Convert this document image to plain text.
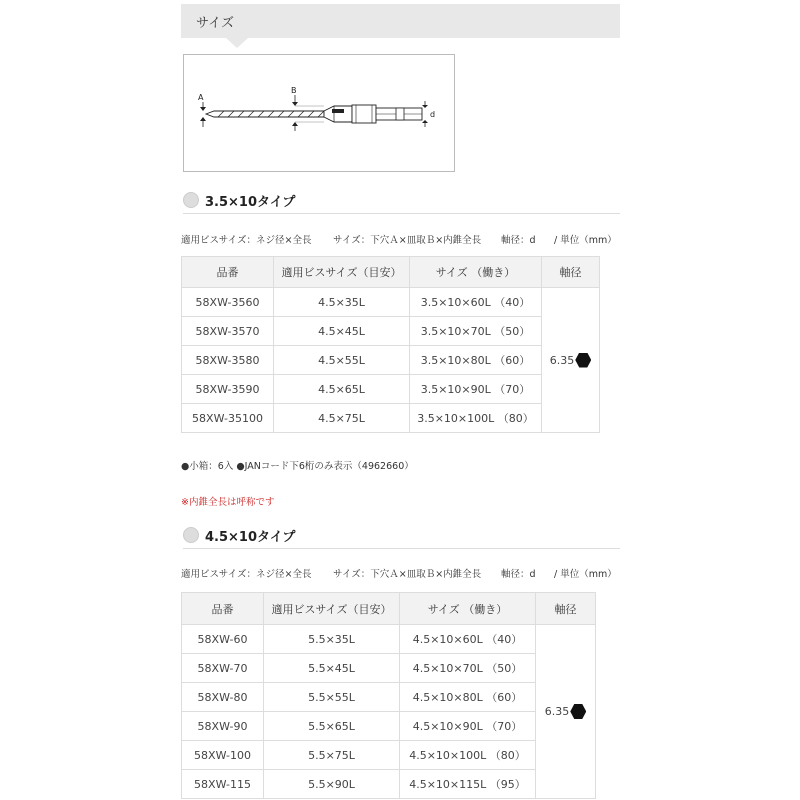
サイズ
A
B
d
3.5×10タイプ
適用ビスサイズ：ネジ径×全長 サイズ：下穴Ａ×皿取Ｂ×内錐全長 軸径：d / 単位（mm）
品番	適用ビスサイズ（目安）	サイズ （働き）	軸径
58XW-3560	4.5×35L	3.5×10×60L （40）	6.35

58XW-3570	4.5×45L	3.5×10×70L （50）	
58XW-3580	4.5×55L	3.5×10×80L （60）	
58XW-3590	4.5×65L	3.5×10×90L （70）	
58XW-35100	4.5×75L	3.5×10×100L （80）	
●小箱：6入 ●JANコード下6桁のみ表示（4962660）
※内錐全長は呼称です
4.5×10タイプ
適用ビスサイズ：ネジ径×全長 サイズ：下穴Ａ×皿取Ｂ×内錐全長 軸径：d / 単位（mm）
品番	適用ビスサイズ（目安）	サイズ （働き）	軸径
58XW-60	5.5×35L	4.5×10×60L （40）	6.35

58XW-70	5.5×45L	4.5×10×70L （50）	
58XW-80	5.5×55L	4.5×10×80L （60）	
58XW-90	5.5×65L	4.5×10×90L （70）	
58XW-100	5.5×75L	4.5×10×100L （80）	
58XW-115	5.5×90L	4.5×10×115L （95）	
